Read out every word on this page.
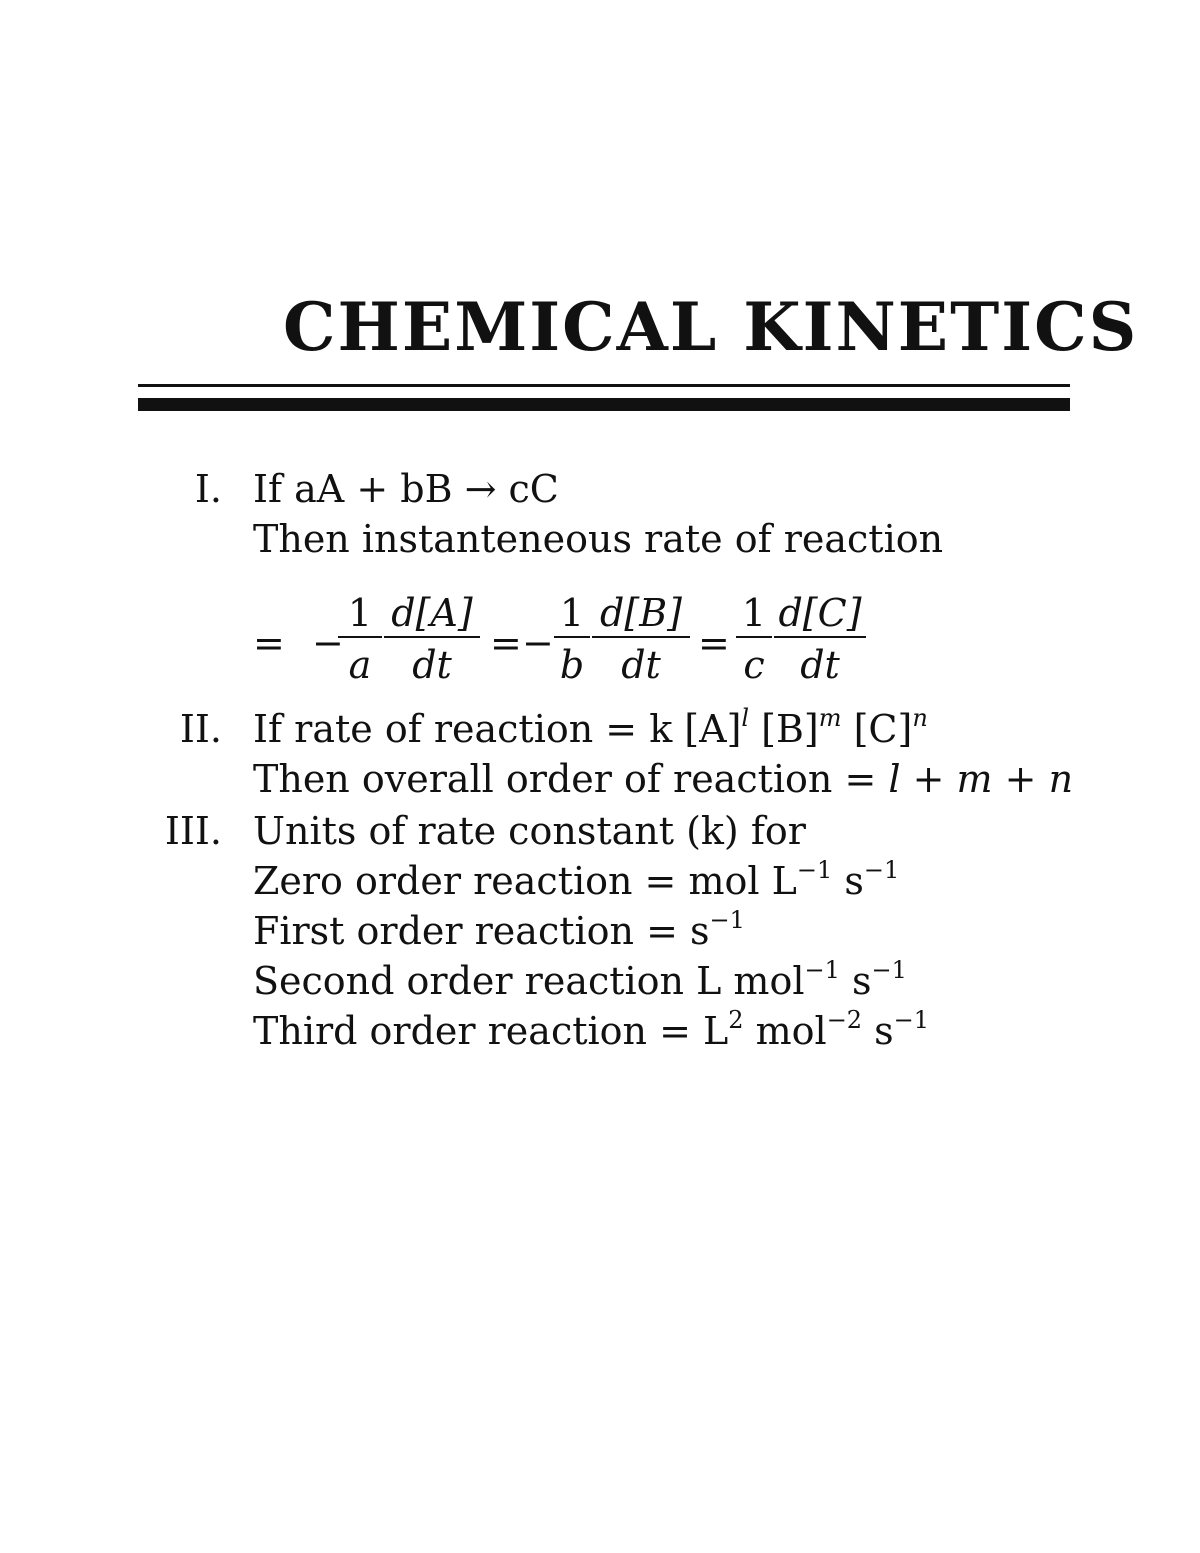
CHEMICAL KINETICS
I. If aA + bB → cC
Then instanteneous rate of reaction
= −
1
a
d[A]
dt	= −
1
b
d[B]
dt =
1
c
d[C]
dt
II. If rate of reaction = k $[A]^l$ $[B]^m$ $[C]^n$
Then overall order of reaction = l + m + n
III. Units of rate constant (k) for
Zero order reaction = mol $L^{-1}$ $s^{-1}$
First order reaction = $s^{-1}$
Second order reaction L mol$^{-1}$ $s^{-1}$
Third order reaction = $L^2$ mol$^{-2}$ $s^{-1}$
